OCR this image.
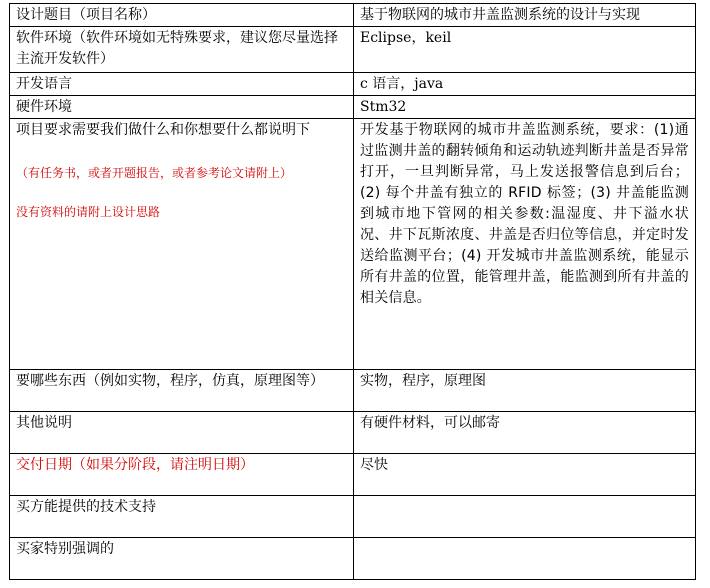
设计题目（项目名称）	基于物联网的城市井盖监测系统的设计与实现
软件环境（软件环境如无特殊要求，建议您尽量选择主流开发软件）	Eclipse，keil
开发语言	c 语言，java
硬件环境	Stm32

项目要求需要我们做什么和你想要什么都说明下
（有任务书，或者开题报告，或者参考论文请附上）
没有资料的请附上设计思路	开发基于物联网的城市井盖监测系统，要求：(1)通过监测井盖的翻转倾角和运动轨迹判断井盖是否异常打开，一旦判断异常，马上发送报警信息到后台；(2) 每个井盖有独立的 RFID 标签；(3) 井盖能监测到城市地下管网的相关参数:温湿度、井下溢水状况、井下瓦斯浓度、井盖是否归位等信息，并定时发送给监测平台；(4) 开发城市井盖监测系统，能显示所有井盖的位置，能管理井盖，能监测到所有井盖的相关信息。
要哪些东西（例如实物，程序，仿真，原理图等）	实物，程序，原理图
其他说明	有硬件材料，可以邮寄
交付日期（如果分阶段，请注明日期）	尽快
买方能提供的技术支持	
买家特别强调的	
